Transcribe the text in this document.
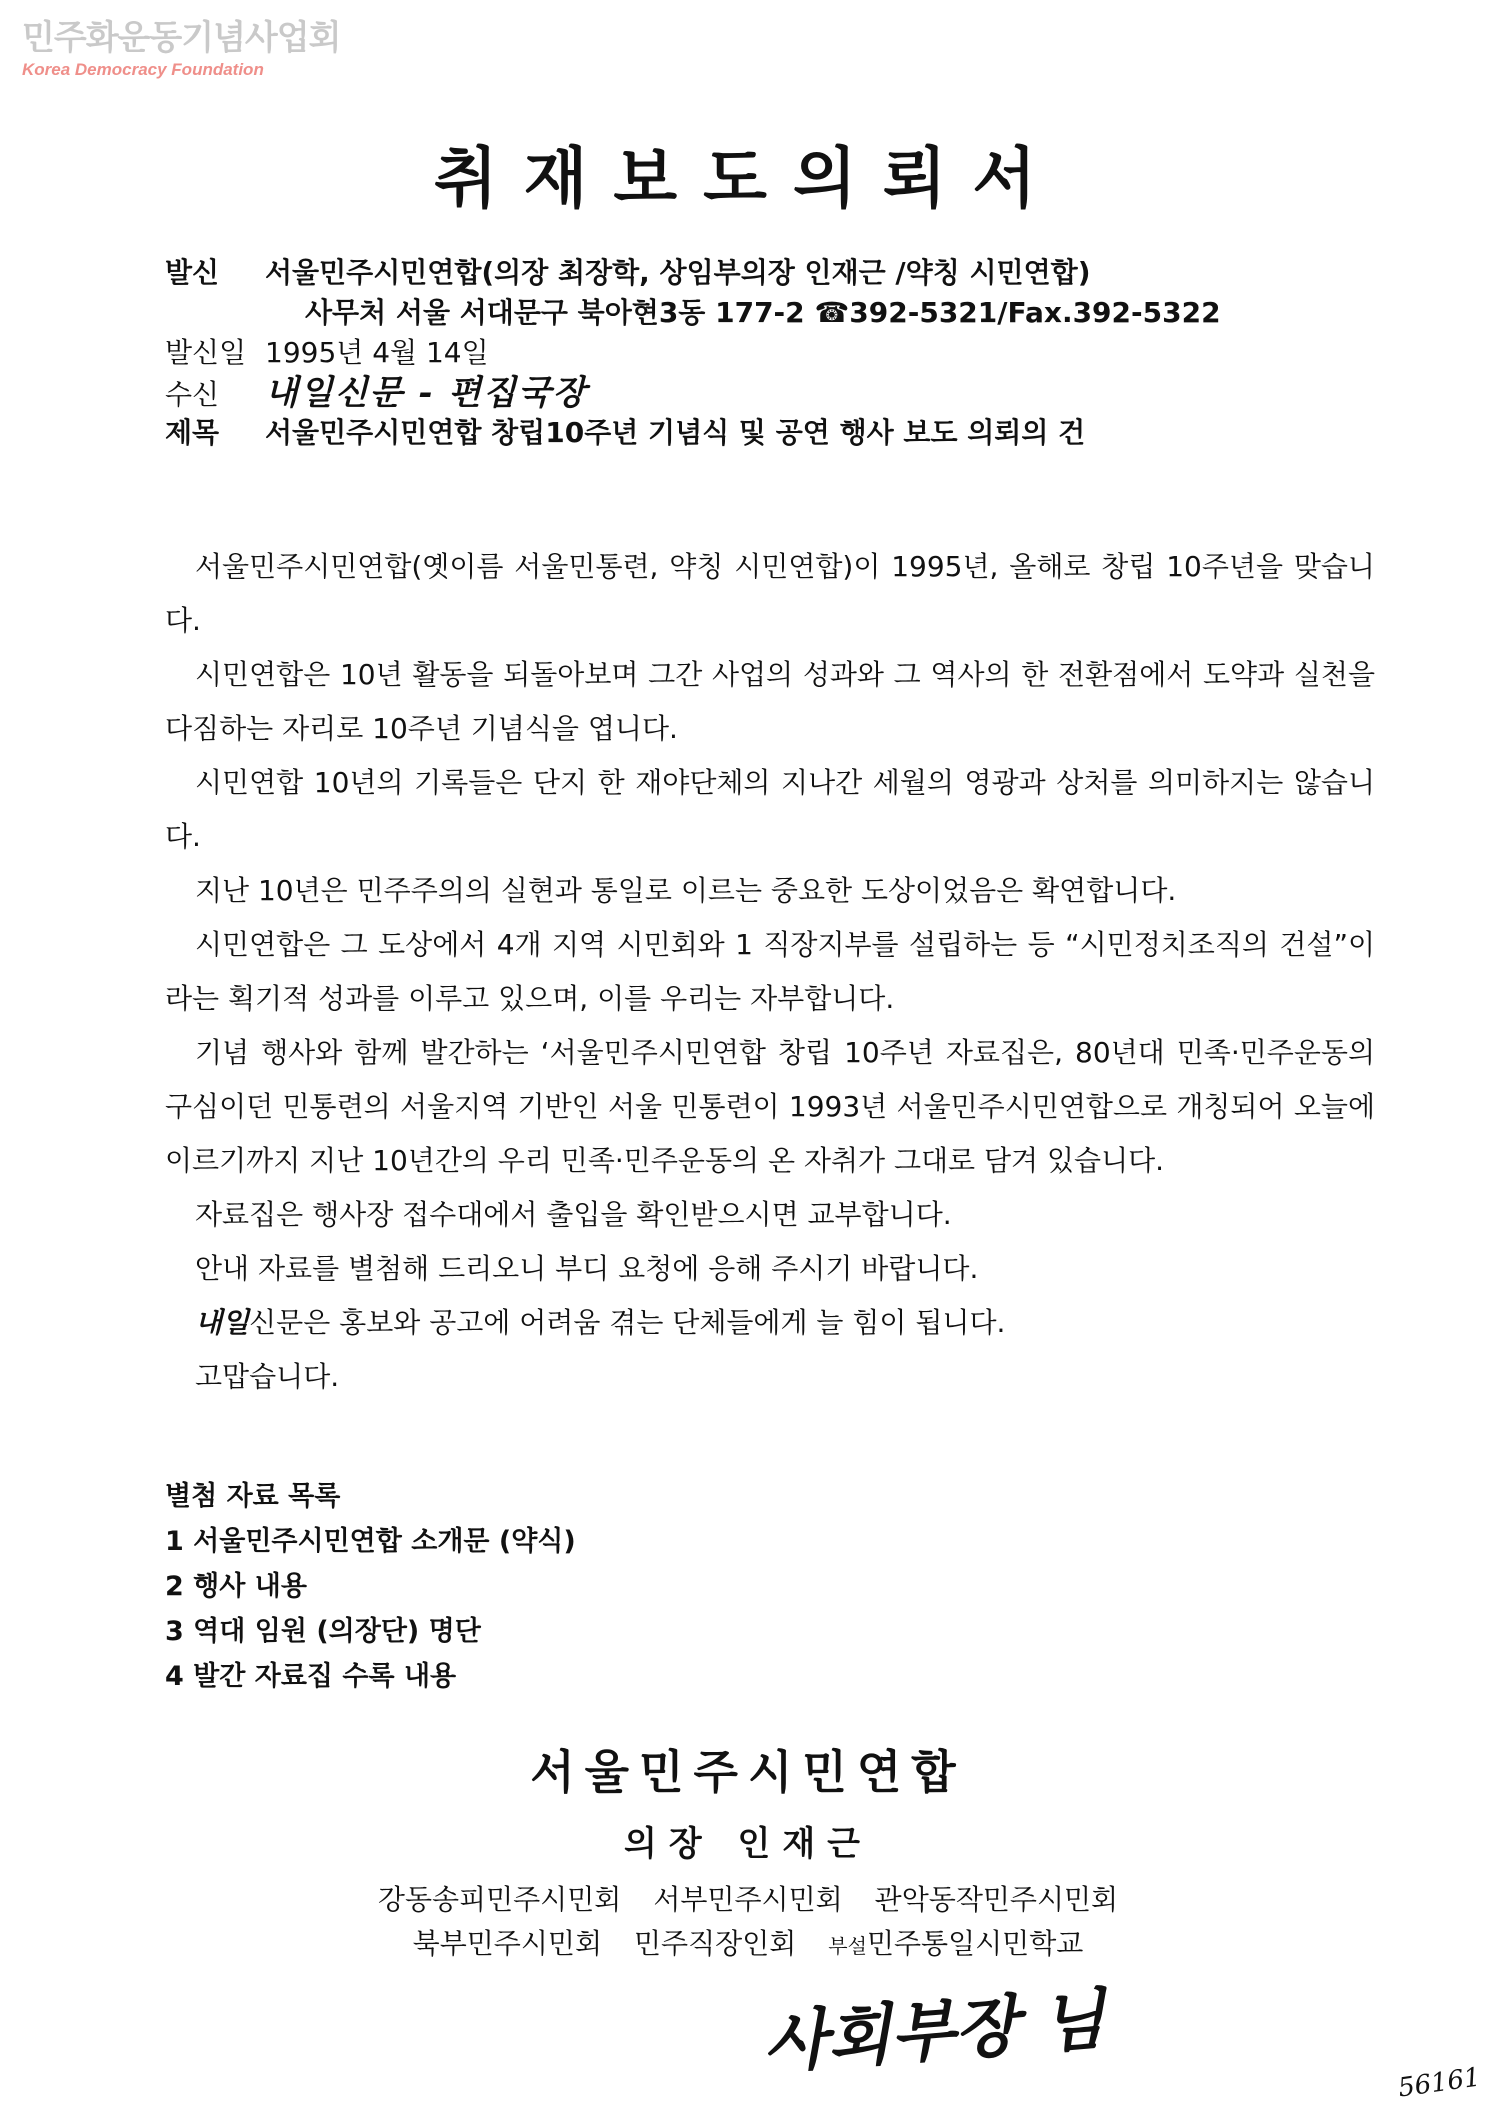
민주화운동기념사업회
Korea Democracy Foundation
취재보도의뢰서
발신 서울민주시민연합(의장 최장학, 상임부의장 인재근 /약칭 시민연합)
사무처 서울 서대문구 북아현3동 177-2 ☎392-5321/Fax.392-5322
발신일 1995년 4월 14일
수신 내일신문 - 편집국장
제목 서울민주시민연합 창립10주년 기념식 및 공연 행사 보도 의뢰의 건

서울민주시민연합(옛이름 서울민통련, 약칭 시민연합)이 1995년, 올해로 창립 10주년을 맞습니다.

시민연합은 10년 활동을 되돌아보며 그간 사업의 성과와 그 역사의 한 전환점에서 도약과 실천을 다짐하는 자리로 10주년 기념식을 엽니다.

시민연합 10년의 기록들은 단지 한 재야단체의 지나간 세월의 영광과 상처를 의미하지는 않습니다.

지난 10년은 민주주의의 실현과 통일로 이르는 중요한 도상이었음은 확연합니다.

시민연합은 그 도상에서 4개 지역 시민회와 1 직장지부를 설립하는 등 “시민정치조직의 건설”이라는 획기적 성과를 이루고 있으며, 이를 우리는 자부합니다.

기념 행사와 함께 발간하는 ‘서울민주시민연합 창립 10주년 자료집은, 80년대 민족·민주운동의 구심이던 민통련의 서울지역 기반인 서울 민통련이 1993년 서울민주시민연합으로 개칭되어 오늘에 이르기까지 지난 10년간의 우리 민족·민주운동의 온 자취가 그대로 담겨 있습니다.

자료집은 행사장 접수대에서 출입을 확인받으시면 교부합니다.

안내 자료를 별첨해 드리오니 부디 요청에 응해 주시기 바랍니다.

내일신문은 홍보와 공고에 어려움 겪는 단체들에게 늘 힘이 됩니다.

고맙습니다.

별첨 자료 목록
1 서울민주시민연합 소개문 (약식)
2 행사 내용
3 역대 임원 (의장단) 명단
4 발간 자료집 수록 내용
서울민주시민연합
의장 인재근
강동송피민주시민회 서부민주시민회 관악동작민주시민회
북부민주시민회 민주직장인회 부설민주통일시민학교
사회부장 님
56161
